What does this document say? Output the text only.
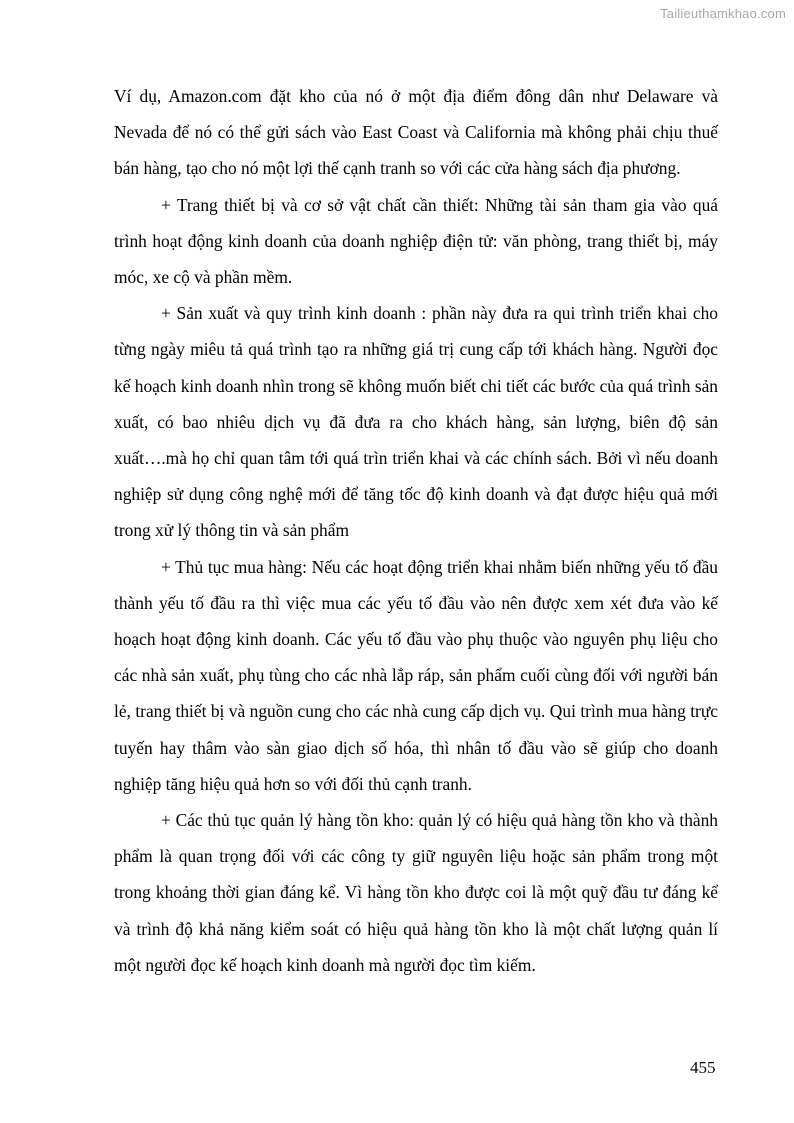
Tailieuthamkhao.com

Ví dụ, Amazon.com đặt kho của nó ở một địa điểm đông dân như Delaware và Nevada để nó có thể gửi sách vào East Coast và California mà không phải chịu thuế bán hàng, tạo cho nó một lợi thế cạnh tranh so với các cửa hàng sách địa phương.

+ Trang thiết bị và cơ sở vật chất cần thiết: Những tài sản tham gia vào quá trình hoạt động kinh doanh của doanh nghiệp điện tử: văn phòng, trang thiết bị, máy móc, xe cộ và phần mềm.

+ Sản xuất và quy trình kinh doanh : phần này đưa ra qui trình triển khai cho từng ngày miêu tả quá trình tạo ra những giá trị cung cấp tới khách hàng. Người đọc kế hoạch kinh doanh nhìn trong sẽ không muốn biết chi tiết các bước của quá trình sản xuất, có bao nhiêu dịch vụ đã đưa ra cho khách hàng, sản lượng, biên độ sản xuất….mà họ chỉ quan tâm tới quá trìn triển khai và các chính sách. Bởi vì nếu doanh nghiệp sử dụng công nghệ mới để tăng tốc độ kinh doanh và đạt được hiệu quả mới trong xử lý thông tin và sản phẩm

+ Thủ tục mua hàng: Nếu các hoạt động triển khai nhằm biến những yếu tố đầu thành yếu tố đầu ra thì việc mua các yếu tố đầu vào nên được xem xét đưa vào kế hoạch hoạt động kinh doanh. Các yếu tố đầu vào phụ thuộc vào nguyên phụ liệu cho các nhà sản xuất, phụ tùng cho các nhà lắp ráp, sản phẩm cuối cùng đối với người bán lẻ, trang thiết bị và nguồn cung cho các nhà cung cấp dịch vụ. Qui trình mua hàng trực tuyến hay thâm vào sàn giao dịch số hóa, thì nhân tố đầu vào sẽ giúp cho doanh nghiệp tăng hiệu quả hơn so với đối thủ cạnh tranh.

+ Các thủ tục quản lý hàng tồn kho: quản lý có hiệu quả hàng tồn kho và thành phẩm là quan trọng đối với các công ty giữ nguyên liệu hoặc sản phẩm trong một trong khoảng thời gian đáng kể. Vì hàng tồn kho được coi là một quỹ đầu tư đáng kể và trình độ khả năng kiểm soát có hiệu quả hàng tồn kho là một chất lượng quản lí một người đọc kế hoạch kinh doanh mà người đọc tìm kiếm.

455
